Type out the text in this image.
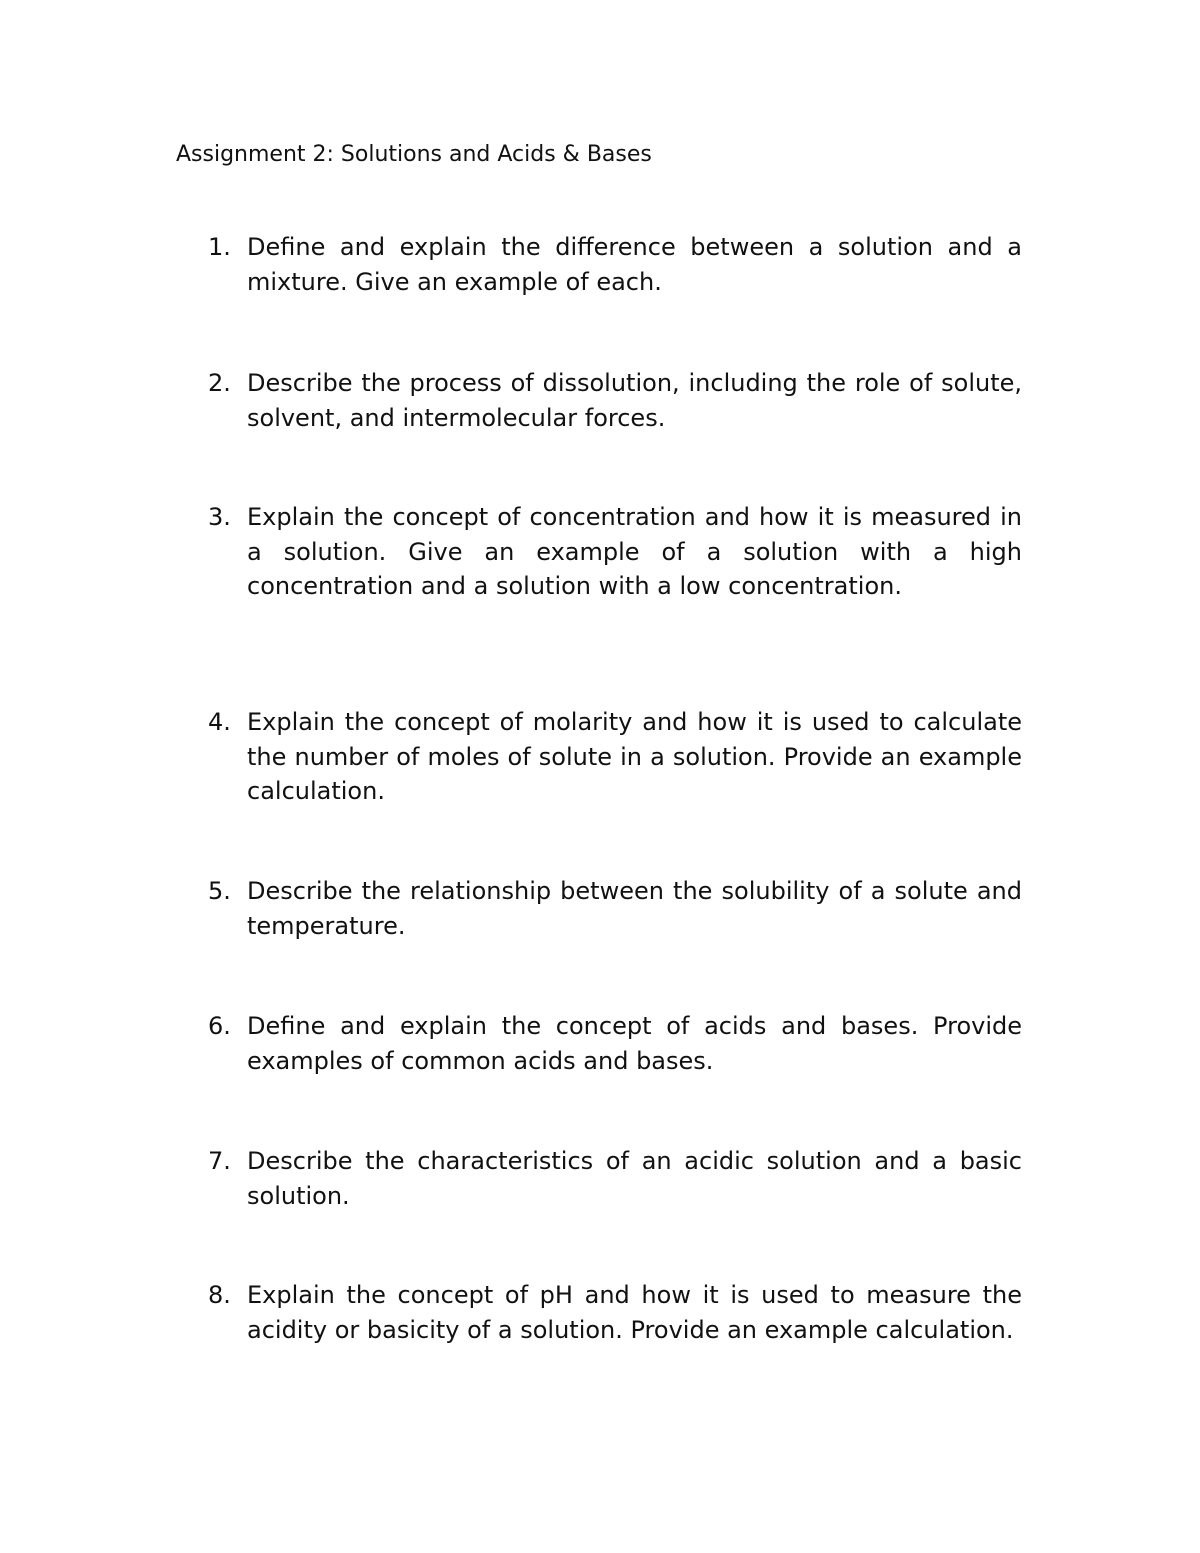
Assignment 2: Solutions and Acids & Bases
1. Define and explain the difference between a solution and a mixture. Give an example of each.
2. Describe the process of dissolution, including the role of solute, solvent, and intermolecular forces.
3. Explain the concept of concentration and how it is measured in a solution. Give an example of a solution with a high concentration and a solution with a low concentration.
4. Explain the concept of molarity and how it is used to calculate the number of moles of solute in a solution. Provide an example calculation.
5. Describe the relationship between the solubility of a solute and temperature.
6. Define and explain the concept of acids and bases. Provide examples of common acids and bases.
7. Describe the characteristics of an acidic solution and a basic solution.
8. Explain the concept of pH and how it is used to measure the acidity or basicity of a solution. Provide an example calculation.
